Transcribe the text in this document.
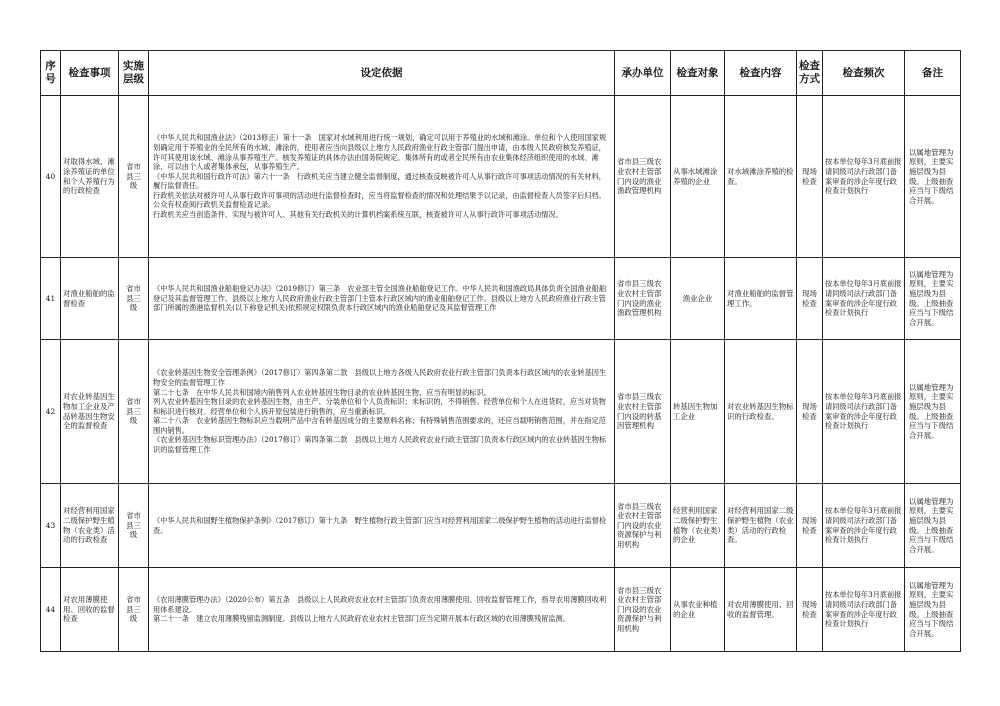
序号	检查事项	实施层级	设定依据	承办单位	检查对象	检查内容	检查方式	检查频次	备注
40	对取得水域、滩涂养殖证的单位和个人养殖行为的行政检查	省市县三级	《中华人民共和国渔业法》（2013修正）第十一条　国家对水域利用进行统一规划，确定可以用于养殖业的水域和滩涂。单位和个人使用国家规划确定用于养殖业的全民所有的水域、滩涂的，使用者应当向县级以上地方人民政府渔业行政主管部门提出申请，由本级人民政府核发养殖证，许可其使用该水域、滩涂从事养殖生产。核发养殖证的具体办法由国务院规定。集体所有的或者全民所有由农业集体经济组织使用的水域、滩涂，可以由个人或者集体承包，从事养殖生产。
《中华人民共和国行政许可法》第六十一条　行政机关应当建立健全监督制度，通过核查反映被许可人从事行政许可事项活动情况的有关材料，履行监督责任。
行政机关依法对被许可人从事行政许可事项的活动进行监督检查时，应当将监督检查的情况和处理结果予以记录，由监督检查人员签字后归档。公众有权查阅行政机关监督检查记录。
行政机关应当创造条件，实现与被许可人、其他有关行政机关的计算机档案系统互联，核查被许可人从事行政许可事项活动情况。	省市县三级农业农村主管部门内设的渔业渔政管理机构	从事水域滩涂养殖的企业	对水域滩涂养殖的检查。	现场检查	按本单位每年3月底前报请同级司法行政部门备案审查的涉企年度行政检查计划执行	以属地管理为原则，主要实施层级为县级。上级抽查应当与下级结合开展。
41	对渔业船舶的监督检查	省市县三级	《中华人民共和国渔业船舶登记办法》（2019修订）第三条　农业部主管全国渔业船舶登记工作。中华人民共和国渔政局具体负责全国渔业船舶登记及其监督管理工作。县级以上地方人民政府渔业行政主管部门主管本行政区域内的渔业船舶登记工作。县级以上地方人民政府渔业行政主管部门所属的渔港监督机关(以下称登记机关)依照规定权限负责本行政区域内的渔业船舶登记及其监督管理工作	省市县三级农业农村主管部门内设的渔业渔政管理机构	渔业企业	对渔业船舶的监督管理工作。	现场检查	按本单位每年3月底前报请同级司法行政部门备案审查的涉企年度行政检查计划执行	以属地管理为原则，主要实施层级为县级。上级抽查应当与下级结合开展。
42	对农业转基因生物加工企业及产品转基因生物安全的监督检查	省市县三级	《农业转基因生物安全管理条例》（2017修订）第四条第二款　县级以上地方各级人民政府农业行政主管部门负责本行政区域内的农业转基因生物安全的监督管理工作
第二十七条　在中华人民共和国境内销售列入农业转基因生物目录的农业转基因生物，应当有明显的标识。
列入农业转基因生物目录的农业转基因生物，由生产、分装单位和个人负责标识；未标识的，不得销售。经营单位和个人在进货时，应当对货物和标识进行核对。经营单位和个人拆开原包装进行销售的，应当重新标识。
第二十八条　农业转基因生物标识应当载明产品中含有转基因成分的主要原料名称；有特殊销售范围要求的，还应当载明销售范围，并在指定范围内销售。
《农业转基因生物标识管理办法》（2017修订）第四条第二款　县级以上地方人民政府农业行政主管部门负责本行政区域内的农业转基因生物标识的监督管理工作	省市县三级农业农村主管部门内设的转基因管理机构	转基因生物加工企业	对农业转基因生物标识的行政检查。	现场检查	按本单位每年3月底前报请同级司法行政部门备案审查的涉企年度行政检查计划执行	以属地管理为原则，主要实施层级为县级。上级抽查应当与下级结合开展。
43	对经营利用国家二级保护野生植物（农业类）活动的行政检查	省市县三级	《中华人民共和国野生植物保护条例》（2017修订）第十九条　野生植物行政主管部门应当对经营利用国家二级保护野生植物的活动进行监督检查。	省市县三级农业农村主管部门内设的农业资源保护与利用机构	经营利用国家二级保护野生植物（农业类）的企业	对经营利用国家二级保护野生植物（农业类）活动的行政检查。	现场检查	按本单位每年3月底前报请同级司法行政部门备案审查的涉企年度行政检查计划执行	以属地管理为原则，主要实施层级为县级。上级抽查应当与下级结合开展。
44	对农用薄膜使用、回收的监督检查	省市县三级	《农用薄膜管理办法》（2020公布）第五条　县级以上人民政府农业农村主管部门负责农用薄膜使用、回收监督管理工作，指导农用薄膜回收利用体系建设。
第二十一条　建立农用薄膜残留监测制度。县级以上地方人民政府农业农村主管部门应当定期开展本行政区域的农用薄膜残留监测。	省市县三级农业农村主管部门内设的农业资源保护与利用机构	从事农业种植的企业	对农用薄膜使用、回收的监督管理。	现场检查	按本单位每年3月底前报请同级司法行政部门备案审查的涉企年度行政检查计划执行	以属地管理为原则，主要实施层级为县级。上级抽查应当与下级结合开展。
